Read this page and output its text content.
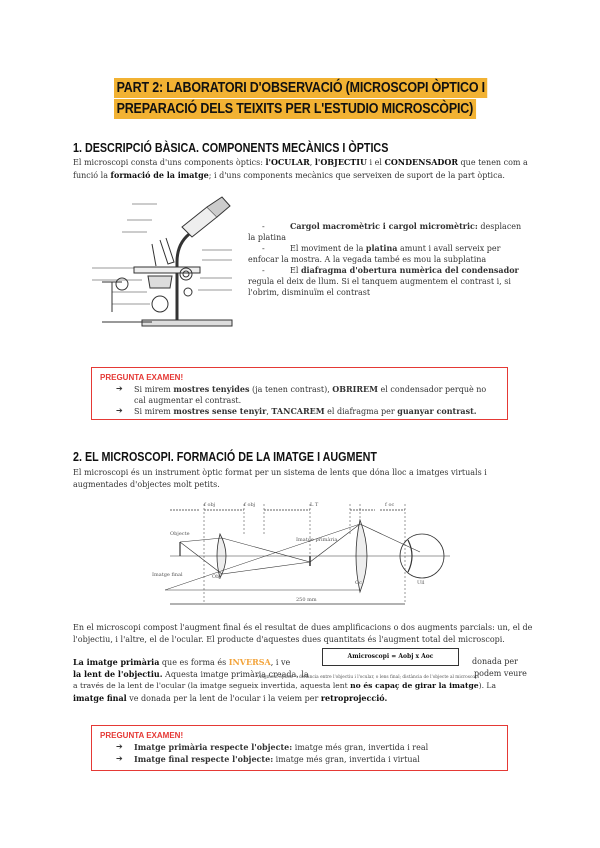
PART 2: LABORATORI D'OBSERVACIÓ (MICROSCOPI ÒPTICO I
PREPARACIÓ DELS TEIXITS PER L'ESTUDIO MICROSCÒPIC)
1. DESCRIPCIÓ BÀSICA. COMPONENTS MECÀNICS I ÒPTICS
El microscopi consta d'uns components òptics: l'OCULAR, l'OBJECTIU i el CONDENSADOR que tenen com a funció la formació de la imatge; i d'uns components mecànics que serveixen de suport de la part òptica.
-	Cargol macromètric i cargol micromètric: desplacen la platina
-	El moviment de la platina amunt i avall serveix per enfocar la mostra. A la vegada també es mou la subplatina
-	El diafragma d'obertura numèrica del condensador regula el deix de llum. Si el tanquem augmentem el contrast i, si l'obrim, disminuïm el contrast
PREGUNTA EXAMEN!
➔ Si mirem mostres tenyides (ja tenen contrast), OBRIREM el condensador perquè no cal augmentar el contrast.
➔ Si mirem mostres sense tenyir, TANCAREM el diafragma per guanyar contrast.
2. EL MICROSCOPI. FORMACIÓ DE LA IMATGE I AUGMENT
El microscopi és un instrument òptic format per un sistema de lents que dóna lloc a imatges virtuals i augmentades d'objectes molt petits.
f obj	f obj	L T	f oc
Objecte
Imatge primària
Imatge final	Obj
Oc	Ull
250 mm
En el microscopi compost l'augment final és el resultat de dues amplificacions o dos augments parcials: un, el de l'objectiu, i l'altre, el de l'ocular. El producte d'aquestes dues quantitats és l'augment total del microscopi.
La imatge primària que es forma és INVERSA, i ve
Amicroscopi = Aobj x Aoc
donada per
la lent de l'objectiu. Aquesta imatge primària creada, la	podem veure
*Augment òptica = distància entre l'objectiu i l'ocular, o lens final; distància de l'objecte al microscopi
a través de la lent de l'ocular (la imatge segueix invertida, aquesta lent no és capaç de girar la imatge). La
imatge final ve donada per la lent de l'ocular i la veiem per retroprojecció.
PREGUNTA EXAMEN!
➔ Imatge primària respecte l'objecte: imatge més gran, invertida i real
➔ Imatge final respecte l'objecte: imatge més gran, invertida i virtual
